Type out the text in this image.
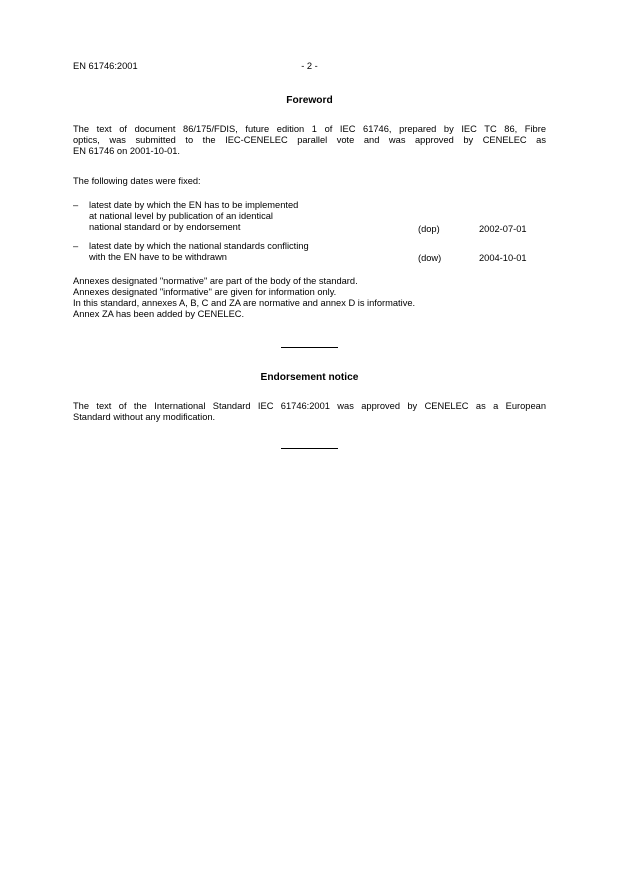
EN 61746:2001	- 2 -
Foreword
The text of document 86/175/FDIS, future edition 1 of IEC 61746, prepared by IEC TC 86, Fibre
optics, was submitted to the IEC-CENELEC parallel vote and was approved by CENELEC as
EN 61746 on 2001-10-01.
The following dates were fixed:
– latest date by which the EN has to be implemented
at national level by publication of an identical
national standard or by endorsement	(dop)	2002-07-01
– latest date by which the national standards conflicting
with the EN have to be withdrawn	(dow)	2004-10-01
Annexes designated "normative" are part of the body of the standard.
Annexes designated "informative" are given for information only.
In this standard, annexes A, B, C and ZA are normative and annex D is informative.
Annex ZA has been added by CENELEC.
Endorsement notice
The text of the International Standard IEC 61746:2001 was approved by CENELEC as a European
Standard without any modification.
